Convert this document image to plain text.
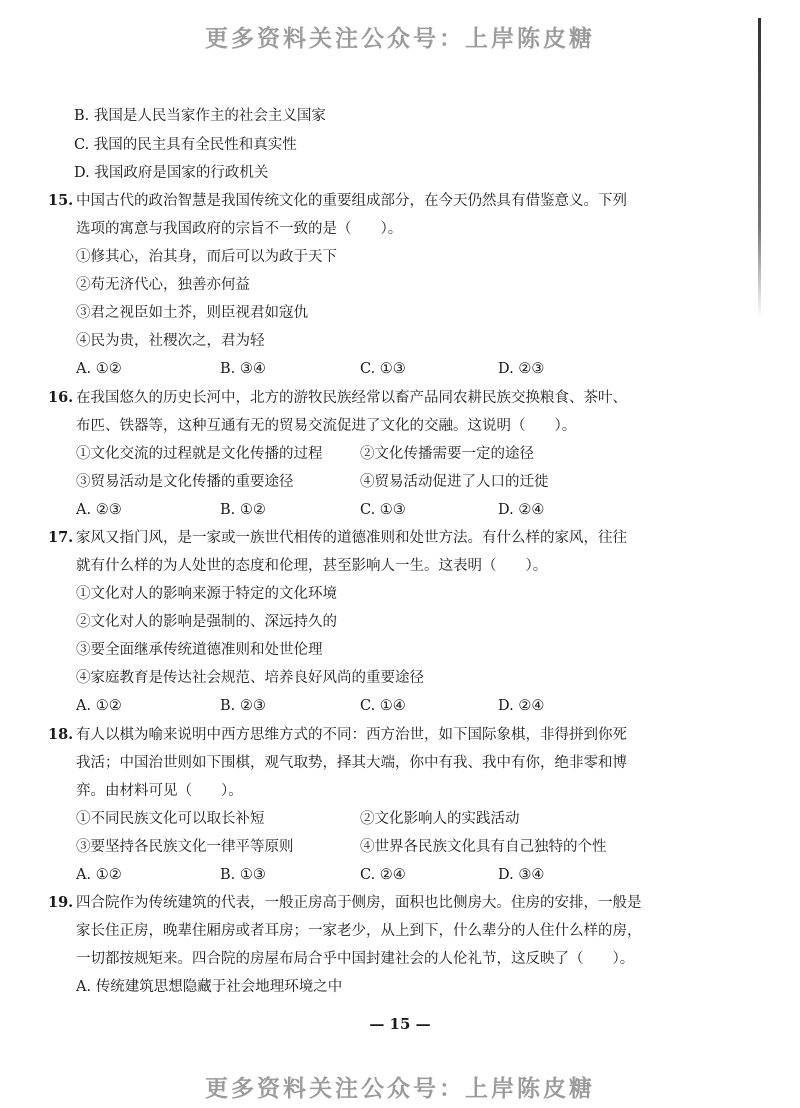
更多资料关注公众号：上岸陈皮糖
B. 我国是人民当家作主的社会主义国家
C. 我国的民主具有全民性和真实性
D. 我国政府是国家的行政机关
15. 中国古代的政治智慧是我国传统文化的重要组成部分，在今天仍然具有借鉴意义。下列
选项的寓意与我国政府的宗旨不一致的是（　　）。
①修其心，治其身，而后可以为政于天下
②苟无济代心，独善亦何益
③君之视臣如土芥，则臣视君如寇仇
④民为贵，社稷次之，君为轻
A. ①②	B. ③④	C. ①③	D. ②③
16. 在我国悠久的历史长河中，北方的游牧民族经常以畜产品同农耕民族交换粮食、茶叶、
布匹、铁器等，这种互通有无的贸易交流促进了文化的交融。这说明（　　）。
①文化交流的过程就是文化传播的过程	②文化传播需要一定的途径
③贸易活动是文化传播的重要途径	④贸易活动促进了人口的迁徙
A. ②③	B. ①②	C. ①③	D. ②④
17. 家风又指门风，是一家或一族世代相传的道德准则和处世方法。有什么样的家风，往往
就有什么样的为人处世的态度和伦理，甚至影响人一生。这表明（　　）。
①文化对人的影响来源于特定的文化环境
②文化对人的影响是强制的、深远持久的
③要全面继承传统道德准则和处世伦理
④家庭教育是传达社会规范、培养良好风尚的重要途径
A. ①②	B. ②③	C. ①④	D. ②④
18. 有人以棋为喻来说明中西方思维方式的不同：西方治世，如下国际象棋，非得拼到你死
我活；中国治世则如下围棋，观气取势，择其大端，你中有我、我中有你，绝非零和博
弈。由材料可见（　　）。
①不同民族文化可以取长补短	②文化影响人的实践活动
③要坚持各民族文化一律平等原则	④世界各民族文化具有自己独特的个性
A. ①②	B. ①③	C. ②④	D. ③④
19. 四合院作为传统建筑的代表，一般正房高于侧房，面积也比侧房大。住房的安排，一般是
家长住正房，晚辈住厢房或者耳房；一家老少，从上到下，什么辈分的人住什么样的房，
一切都按规矩来。四合院的房屋布局合乎中国封建社会的人伦礼节，这反映了（　　）。
A. 传统建筑思想隐藏于社会地理环境之中
— 15 —
更多资料关注公众号：上岸陈皮糖
